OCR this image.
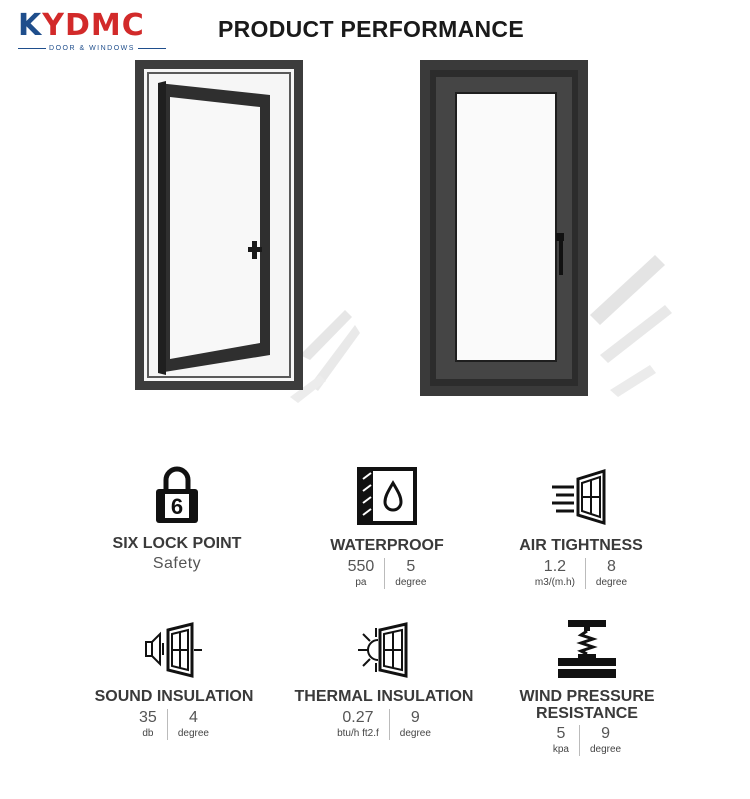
KYDMC
DOOR & WINDOWS
PRODUCT PERFORMANCE
6
SIX LOCK POINT
Safety
WATERPROOF
550
pa
5
degree
AIR TIGHTNESS
1.2
m3/(m.h)
8
degree
SOUND INSULATION
35
db
4
degree
THERMAL INSULATION
0.27
btu/h ft2.f
9
degree
WIND PRESSURE
RESISTANCE
5
kpa
9
degree
